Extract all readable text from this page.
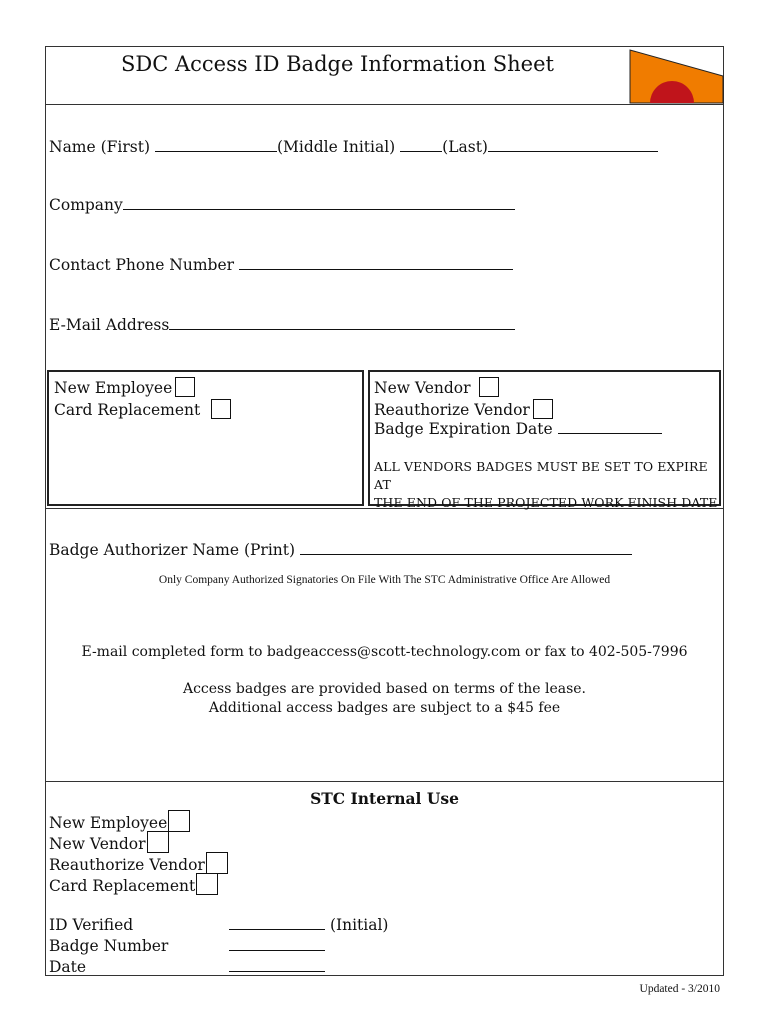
SDC Access ID Badge Information Sheet
Name (First)	(Middle Initial)	(Last)
Company
Contact Phone Number
E-Mail Address
New Employee
Card Replacement
New Vendor
Reauthorize Vendor
Badge Expiration Date
ALL VENDORS BADGES MUST BE SET TO EXPIRE AT
THE END OF THE PROJECTED WORK FINISH DATE
Badge Authorizer Name (Print)
Only Company Authorized Signatories On File With The STC Administrative Office Are Allowed
E-mail completed form to badgeaccess@scott-technology.com or fax to 402-505-7996
Access badges are provided based on terms of the lease.
Additional access badges are subject to a $45 fee
STC Internal Use
New Employee
New Vendor
Reauthorize Vendor
Card Replacement
ID Verified	(Initial)
Badge Number
Date
Updated - 3/2010
